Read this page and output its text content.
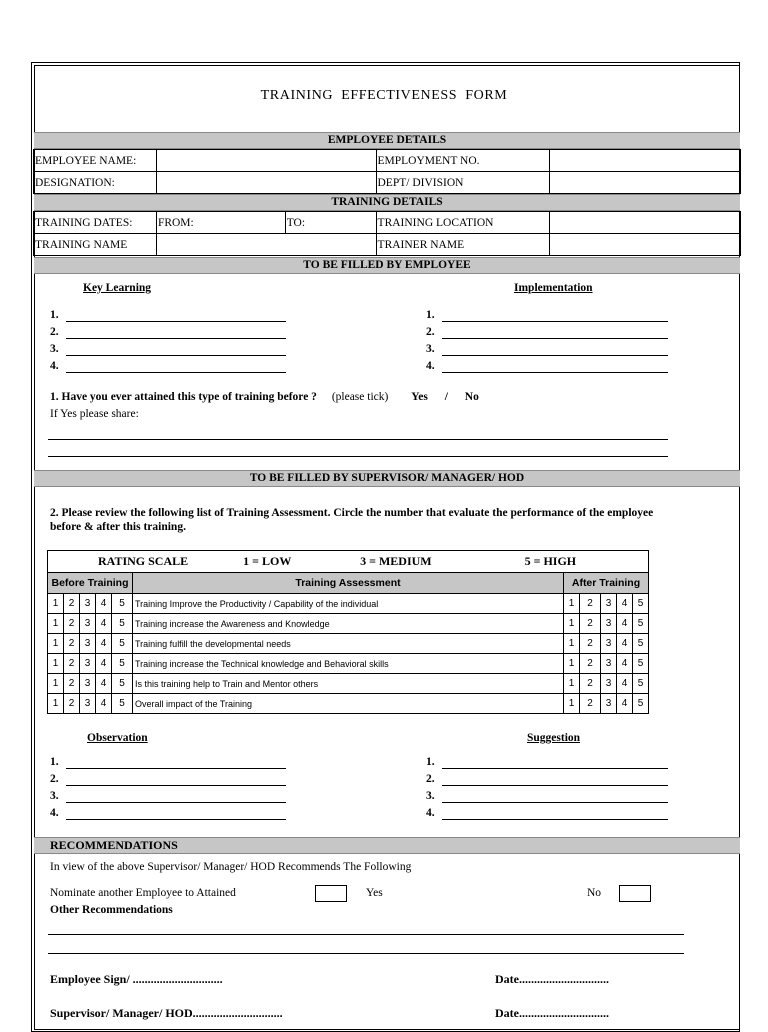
TRAINING EFFECTIVENESS FORM
EMPLOYEE DETAILS
EMPLOYEE NAME:		EMPLOYMENT NO.	
DESIGNATION:		DEPT/ DIVISION	
TRAINING DETAILS
TRAINING DATES:	FROM:	TO:	TRAINING LOCATION	
TRAINING NAME			TRAINER NAME	
TO BE FILLED BY EMPLOYEE
Key Learning	Implementation
1.
2.
3.
4.
1.
2.
3.
4.
1. Have you ever attained this type of training before ? (please tick) Yes / No
If Yes please share:
TO BE FILLED BY SUPERVISOR/ MANAGER/ HOD
2. Please review the following list of Training Assessment. Circle the number that evaluate the performance of the employee before & after this training.
RATING SCALE 1 = LOW 3 = MEDIUM 5 = HIGH										
Before Training					Training Assessment	After Training				
1	2	3	4	5	Training Improve the Productivity / Capability of the individual	1	2	3	4	5
1	2	3	4	5	Training increase the Awareness and Knowledge	1	2	3	4	5
1	2	3	4	5	Training fulfill the developmental needs	1	2	3	4	5
1	2	3	4	5	Training increase the Technical knowledge and Behavioral skills	1	2	3	4	5
1	2	3	4	5	Is this training help to Train and Mentor others	1	2	3	4	5
1	2	3	4	5	Overall impact of the Training	1	2	3	4	5
Observation	Suggestion
1.
2.
3.
4.
1.
2.
3.
4.
RECOMMENDATIONS
In view of the above Supervisor/ Manager/ HOD Recommends The Following
Nominate another Employee to Attained	Yes	No
Other Recommendations
Employee Sign/ ..............................	Date..............................
Supervisor/ Manager/ HOD..............................	Date..............................
